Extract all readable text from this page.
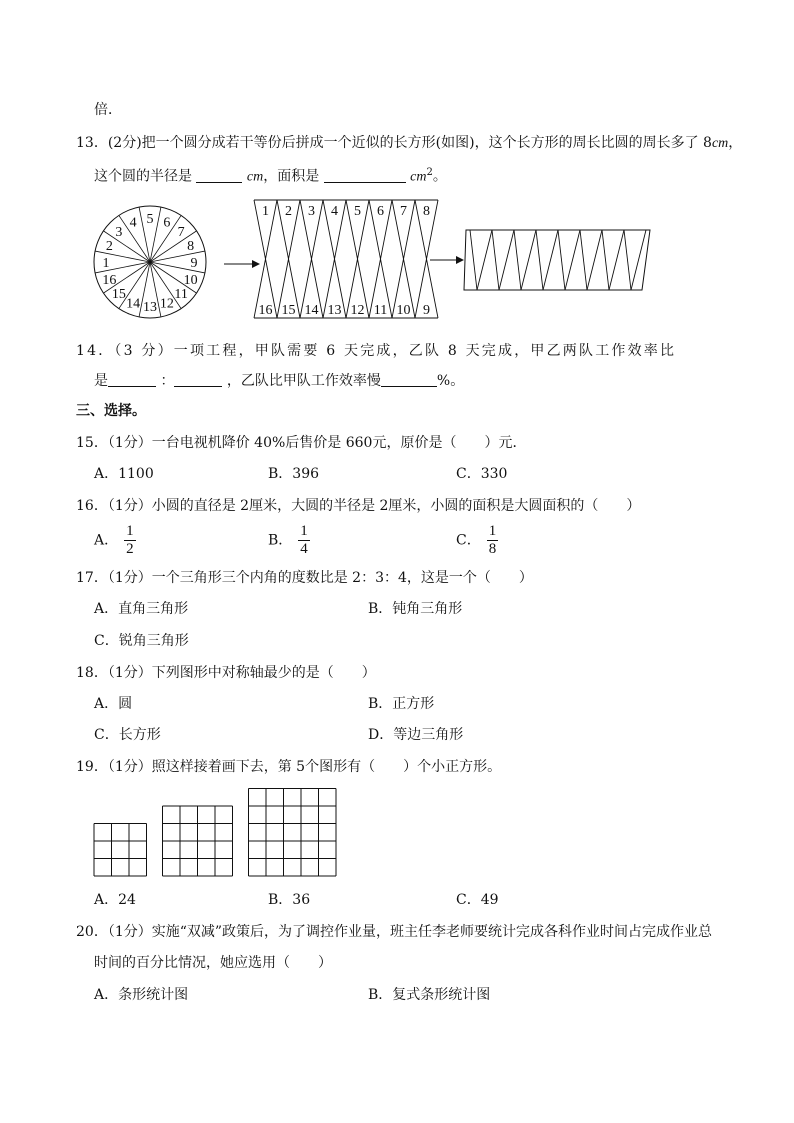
倍．
13．(2分)把一个圆分成若干等份后拼成一个近似的长方形(如图)，这个长方形的周长比圆的周长多了 8cm，
这个圆的半径是	cm，面积是	$cm^2$。
1
2
3
4 5 6
7
8
9
10
11
12
13
14
15
16
1
16
2
15
3
14
4
13
5
12
6
11
7
10
8
9
14．（3 分）一项工程，甲队需要 6 天完成，乙队 8 天完成，甲乙两队工作效率比
是	：	，乙队比甲队工作效率慢	%。
三、选择。
15．（1分）一台电视机降价 40%后售价是 660元，原价是（　　）元．
A．1100	B．396	C．330
16．（1分）小圆的直径是 2厘米，大圆的半径是 2厘米，小圆的面积是大圆面积的（　　）
A． $\frac{1}{2}$	B． $\frac{1}{4}$	C． $\frac{1}{8}$
17．（1分）一个三角形三个内角的度数比是 2：3：4，这是一个（　　）
A．直角三角形	B．钝角三角形
C．锐角三角形
18．（1分）下列图形中对称轴最少的是（　　）
A．圆	B．正方形
C．长方形	D．等边三角形
19．（1分）照这样接着画下去，第 5个图形有（　　）个小正方形。
A．24	B．36	C．49
20．（1分）实施“双减”政策后，为了调控作业量，班主任李老师要统计完成各科作业时间占完成作业总
时间的百分比情况，她应选用（　　）
A．条形统计图	B．复式条形统计图
